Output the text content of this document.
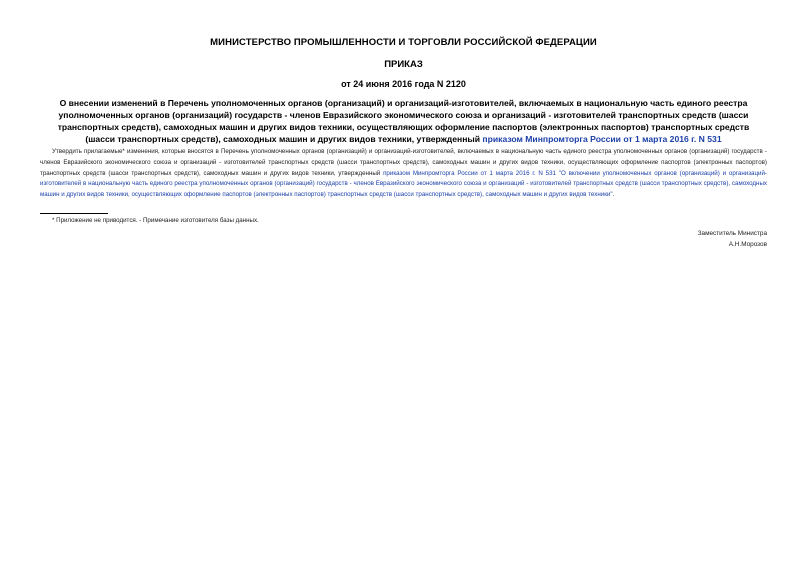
МИНИСТЕРСТВО ПРОМЫШЛЕННОСТИ И ТОРГОВЛИ РОССИЙСКОЙ ФЕДЕРАЦИИ
ПРИКАЗ
от 24 июня 2016 года N 2120
О внесении изменений в Перечень уполномоченных органов (организаций) и организаций-изготовителей, включаемых в национальную часть единого реестра уполномоченных органов (организаций) государств - членов Евразийского экономического союза и организаций - изготовителей транспортных средств (шасси транспортных средств), самоходных машин и других видов техники, осуществляющих оформление паспортов (электронных паспортов) транспортных средств (шасси транспортных средств), самоходных машин и других видов техники, утвержденный приказом Минпромторга России от 1 марта 2016 г. N 531
Утвердить прилагаемые* изменения, которые вносятся в Перечень уполномоченных органов (организаций) и организаций-изготовителей, включаемых в национальную часть единого реестра уполномоченных органов (организаций) государств - членов Евразийского экономического союза и организаций - изготовителей транспортных средств (шасси транспортных средств), самоходных машин и других видов техники, осуществляющих оформление паспортов (электронных паспортов) транспортных средств (шасси транспортных средств), самоходных машин и других видов техники, утвержденный приказом Минпромторга России от 1 марта 2016 г. N 531 "О включении уполномоченных органов (организаций) и организаций-изготовителей в национальную часть единого реестра уполномоченных органов (организаций) государств - членов Евразийского экономического союза и организаций - изготовителей транспортных средств (шасси транспортных средств), самоходных машин и других видов техники, осуществляющих оформление паспортов (электронных паспортов) транспортных средств (шасси транспортных средств), самоходных машин и других видов техники".
* Приложение не приводится. - Примечание изготовителя базы данных.
Заместитель Министра
А.Н.Морозов
